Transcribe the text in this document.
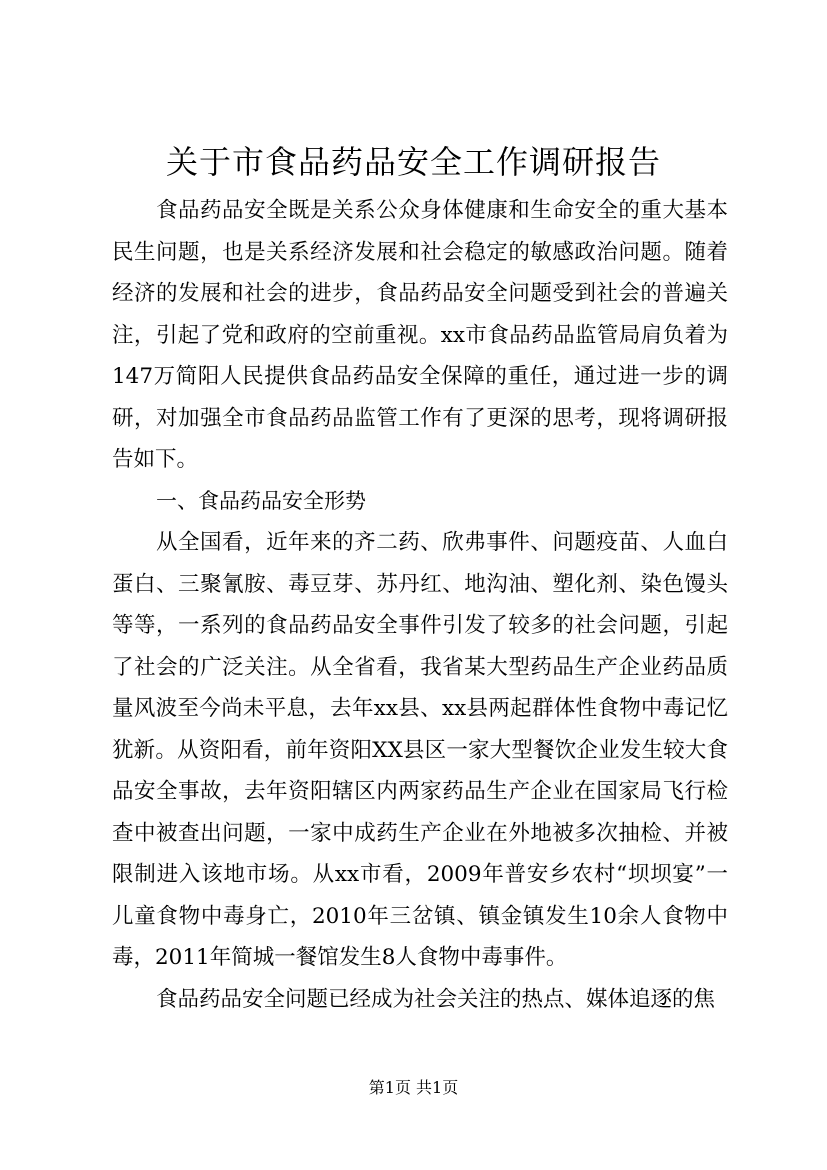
关于市食品药品安全工作调研报告

食品药品安全既是关系公众身体健康和生命安全的重大基本民生问题，也是关系经济发展和社会稳定的敏感政治问题。随着经济的发展和社会的进步，食品药品安全问题受到社会的普遍关注，引起了党和政府的空前重视。xx市食品药品监管局肩负着为147万简阳人民提供食品药品安全保障的重任，通过进一步的调研，对加强全市食品药品监管工作有了更深的思考，现将调研报告如下。

一、食品药品安全形势

从全国看，近年来的齐二药、欣弗事件、问题疫苗、人血白蛋白、三聚氰胺、毒豆芽、苏丹红、地沟油、塑化剂、染色馒头等等，一系列的食品药品安全事件引发了较多的社会问题，引起了社会的广泛关注。从全省看，我省某大型药品生产企业药品质量风波至今尚未平息，去年xx县、xx县两起群体性食物中毒记忆犹新。从资阳看，前年资阳XX县区一家大型餐饮企业发生较大食品安全事故，去年资阳辖区内两家药品生产企业在国家局飞行检查中被查出问题，一家中成药生产企业在外地被多次抽检、并被限制进入该地市场。从xx市看，2009年普安乡农村“坝坝宴”一儿童食物中毒身亡，2010年三岔镇、镇金镇发生10余人食物中毒，2011年简城一餐馆发生8人食物中毒事件。

食品药品安全问题已经成为社会关注的热点、媒体追逐的焦

第1页 共1页
